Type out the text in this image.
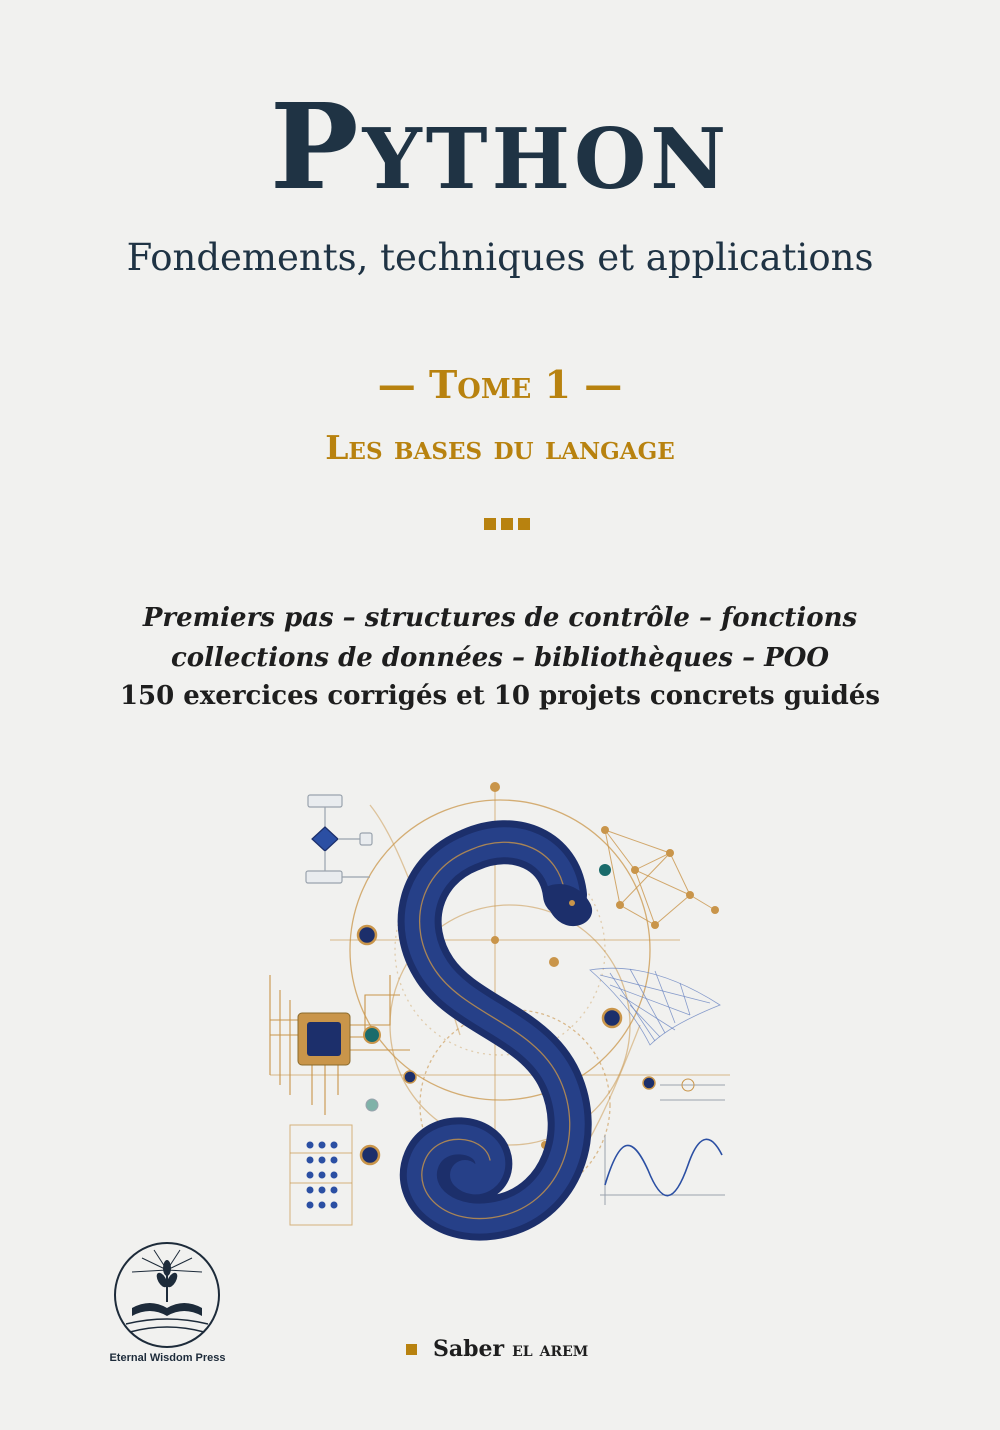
Python
Fondements, techniques et applications
— Tome 1 —
Les bases du langage
Premiers pas – structures de contrôle – fonctions
collections de données – bibliothèques – POO
150 exercices corrigés et 10 projets concrets guidés
Eternal Wisdom Press	Saber el arem
